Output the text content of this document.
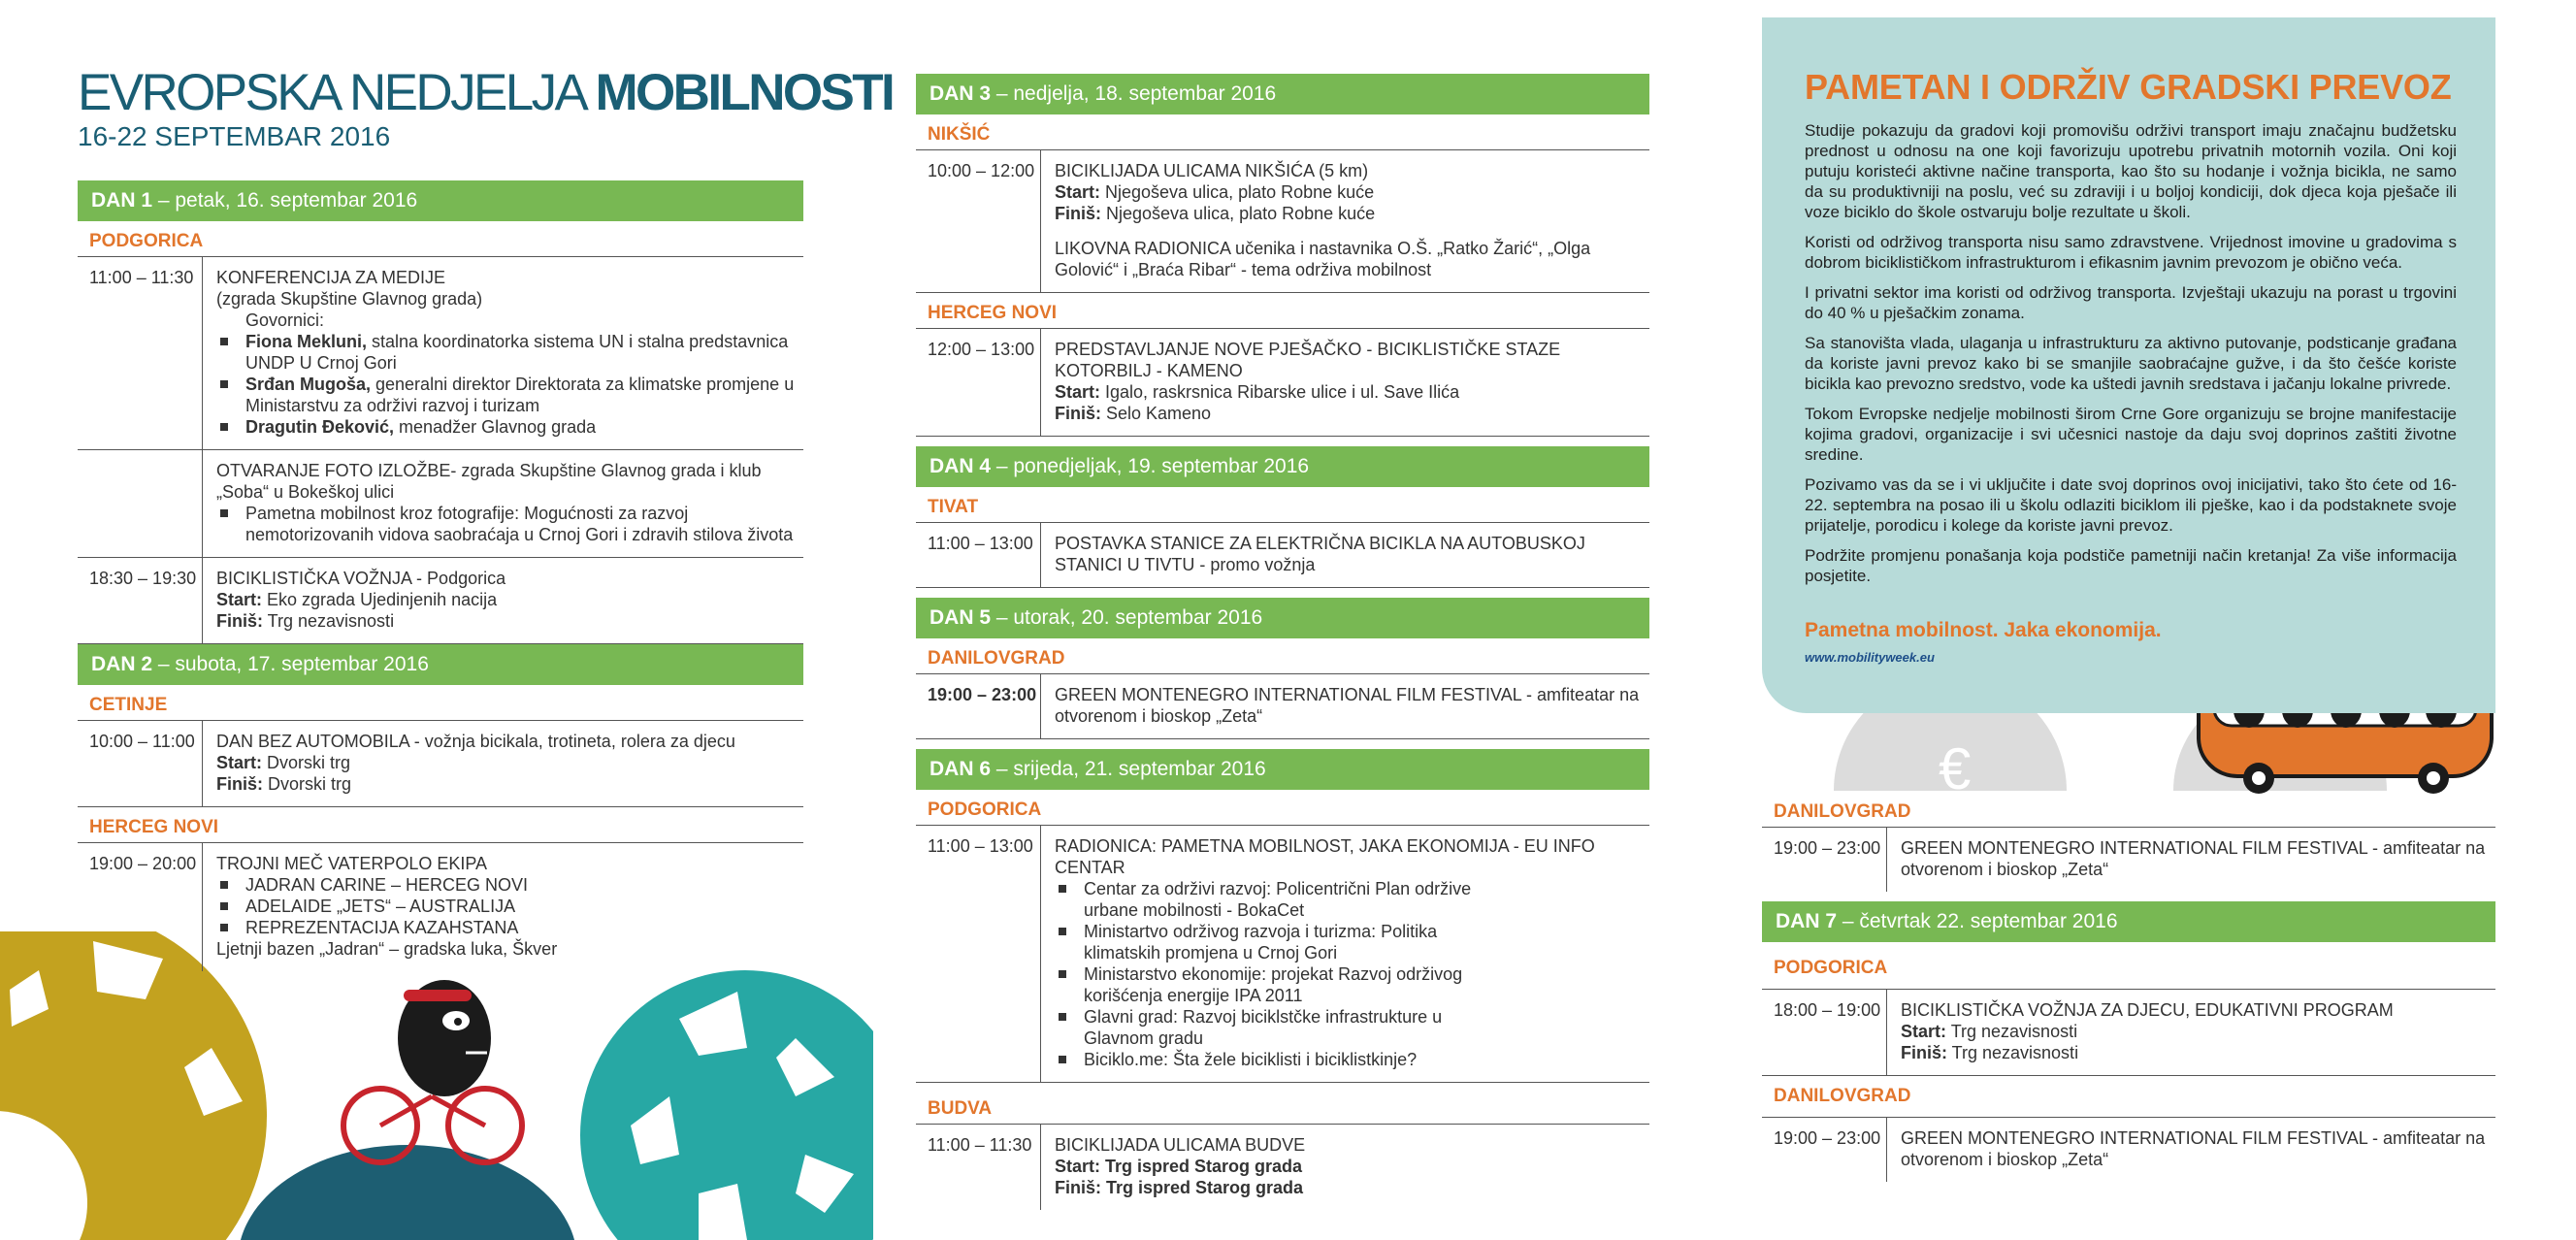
€
EVROPSKA NEDJELJA MOBILNOSTI
16-22 SEPTEMBAR 2016
DAN 1 – petak, 16. septembar 2016
PODGORICA
11:00 – 11:30	KONFERENCIJA ZA MEDIJE
(zgrada Skupštine Glavnog grada)
Govornici:
Fiona Mekluni, stalna koordinatorka sistema UN i stalna predstavnica UNDP U Crnoj Gori
Srđan Mugoša, generalni direktor Direktorata za klimatske promjene u Ministarstvu za održivi razvoj i turizam
Dragutin Đeković, menadžer Glavnog grada
OTVARANJE FOTO IZLOŽBE- zgrada Skupštine Glavnog grada i klub „Soba“ u Bokeškoj ulici
Pametna mobilnost kroz fotografije: Mogućnosti za razvoj nemotorizovanih vidova saobraćaja u Crnoj Gori i zdravih stilova života
18:30 – 19:30	BICIKLISTIČKA VOŽNJA - Podgorica
Start: Eko zgrada Ujedinjenih nacija
Finiš: Trg nezavisnosti
DAN 2 – subota, 17. septembar 2016
CETINJE
10:00 – 11:00	DAN BEZ AUTOMOBILA - vožnja bicikala, trotineta, rolera za djecu
Start: Dvorski trg
Finiš: Dvorski trg
HERCEG NOVI
19:00 – 20:00	TROJNI MEČ VATERPOLO EKIPA
JADRAN CARINE – HERCEG NOVI
ADELAIDE „JETS“ – AUSTRALIJA
REPREZENTACIJA KAZAHSTANA
Ljetnji bazen „Jadran“ – gradska luka, Škver
DAN 3 – nedjelja, 18. septembar 2016
NIKŠIĆ
10:00 – 12:00	BICIKLIJADA ULICAMA NIKŠIĆA (5 km)
Start: Njegoševa ulica, plato Robne kuće
Finiš: Njegoševa ulica, plato Robne kuće
LIKOVNA RADIONICA učenika i nastavnika O.Š. „Ratko Žarić“, „Olga Golović“ i „Braća Ribar“ - tema održiva mobilnost
HERCEG NOVI
12:00 – 13:00	PREDSTAVLJANJE NOVE PJEŠAČKO - BICIKLISTIČKE STAZE KOTORBILJ - KAMENO
Start: Igalo, raskrsnica Ribarske ulice i ul. Save Ilića
Finiš: Selo Kameno
DAN 4 – ponedjeljak, 19. septembar 2016
TIVAT
11:00 – 13:00	POSTAVKA STANICE ZA ELEKTRIČNA BICIKLA NA AUTOBUSKOJ STANICI U TIVTU - promo vožnja
DAN 5 – utorak, 20. septembar 2016
DANILOVGRAD
19:00 – 23:00	GREEN MONTENEGRO INTERNATIONAL FILM FESTIVAL - amfiteatar na otvorenom i bioskop „Zeta“
DAN 6 – srijeda, 21. septembar 2016
PODGORICA
11:00 – 13:00	RADIONICA: PAMETNA MOBILNOST, JAKA EKONOMIJA - EU INFO CENTAR
Centar za održivi razvoj: Policentrični Plan održive urbane mobilnosti - BokaCet
Ministartvo održivog razvoja i turizma: Politika klimatskih promjena u Crnoj Gori
Ministarstvo ekonomije: projekat Razvoj održivog korišćenja energije IPA 2011
Glavni grad: Razvoj biciklstčke infrastrukture u Glavnom gradu
Biciklo.me: Šta žele biciklisti i biciklistkinje?
BUDVA
11:00 – 11:30	BICIKLIJADA ULICAMA BUDVE
Start: Trg ispred Starog grada
Finiš: Trg ispred Starog grada
PAMETAN I ODRŽIV GRADSKI PREVOZ

Studije pokazuju da gradovi koji promovišu održivi transport imaju značajnu budžetsku prednost u odnosu na one koji favorizuju upotrebu privatnih motornih vozila. Oni koji putuju koristeći aktivne načine transporta, kao što su hodanje i vožnja bicikla, ne samo da su produktivniji na poslu, već su zdraviji i u boljoj kondiciji, dok djeca koja pješače ili voze biciklo do škole ostvaruju bolje rezultate u školi.

Koristi od održivog transporta nisu samo zdravstvene. Vrijednost imovine u gradovima s dobrom biciklističkom infrastrukturom i efikasnim javnim prevozom je obično veća.

I privatni sektor ima koristi od održivog transporta. Izvještaji ukazuju na porast u trgovini do 40 % u pješačkim zonama.

Sa stanovišta vlada, ulaganja u infrastrukturu za aktivno putovanje, podsticanje građana da koriste javni prevoz kako bi se smanjile saobraćajne gužve, i da što češće koriste bicikla kao prevozno sredstvo, vode ka uštedi javnih sredstava i jačanju lokalne privrede.

Tokom Evropske nedjelje mobilnosti širom Crne Gore organizuju se brojne manifestacije kojima gradovi, organizacije i svi učesnici nastoje da daju svoj doprinos zaštiti životne sredine.

Pozivamo vas da se i vi uključite i date svoj doprinos ovoj inicijativi, tako što ćete od 16-22. septembra na posao ili u školu odlaziti biciklom ili pješke, kao i da podstaknete svoje prijatelje, porodicu i kolege da koriste javni prevoz.

Podržite promjenu ponašanja koja podstiče pametniji način kretanja! Za više informacija posjetite.

Pametna mobilnost. Jaka ekonomija.
www.mobilityweek.eu
DANILOVGRAD
19:00 – 23:00	GREEN MONTENEGRO INTERNATIONAL FILM FESTIVAL - amfiteatar na otvorenom i bioskop „Zeta“
DAN 7 – četvrtak 22. septembar 2016
PODGORICA
18:00 – 19:00	BICIKLISTIČKA VOŽNJA ZA DJECU, EDUKATIVNI PROGRAM
Start: Trg nezavisnosti
Finiš: Trg nezavisnosti
DANILOVGRAD
19:00 – 23:00	GREEN MONTENEGRO INTERNATIONAL FILM FESTIVAL - amfiteatar na otvorenom i bioskop „Zeta“
